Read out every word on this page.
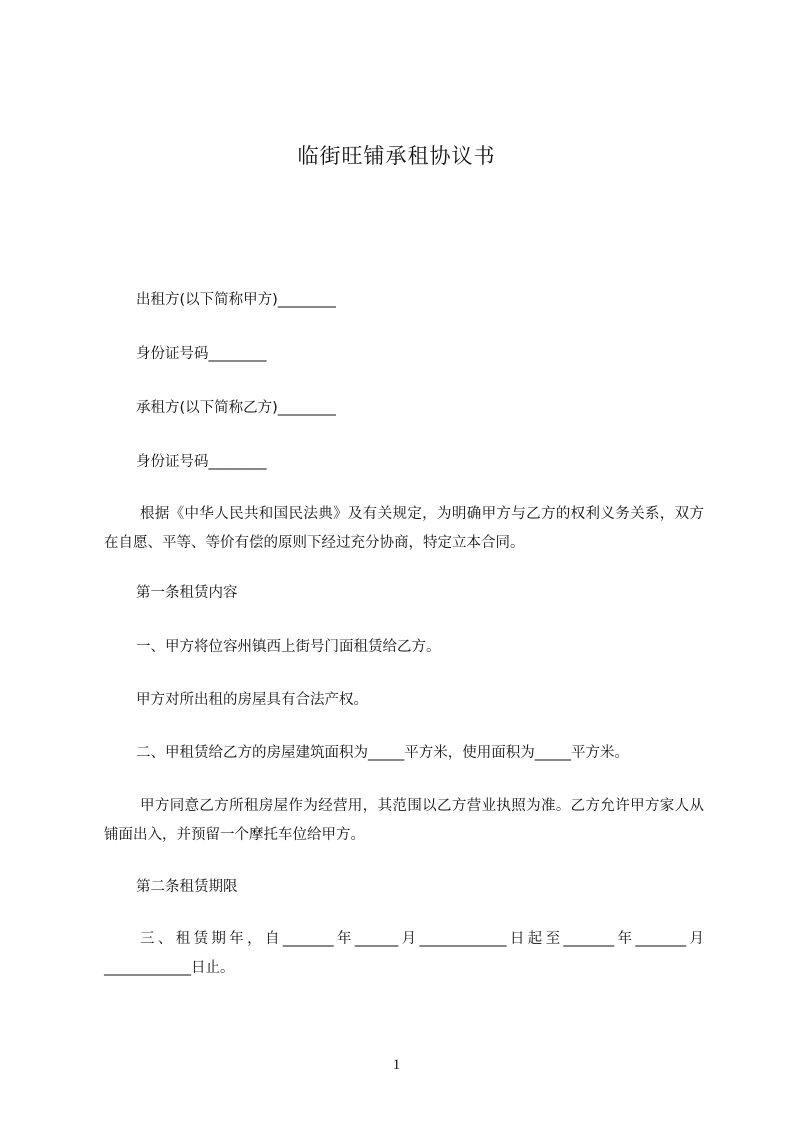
临街旺铺承租协议书

出租方(以下简称甲方)________

身份证号码________

承租方(以下简称乙方)________

身份证号码________

根据《中华人民共和国民法典》及有关规定，为明确甲方与乙方的权利义务关系，双方在自愿、平等、等价有偿的原则下经过充分协商，特定立本合同。

第一条租赁内容

一、甲方将位容州镇西上街号门面租赁给乙方。

甲方对所出租的房屋具有合法产权。

二、甲租赁给乙方的房屋建筑面积为_____平方米，使用面积为_____平方米。

甲方同意乙方所租房屋作为经营用，其范围以乙方营业执照为准。乙方允许甲方家人从铺面出入，并预留一个摩托车位给甲方。

第二条租赁期限

三、租赁期年，自_______年______月____________日起至_______年_______月____________日止。

1
